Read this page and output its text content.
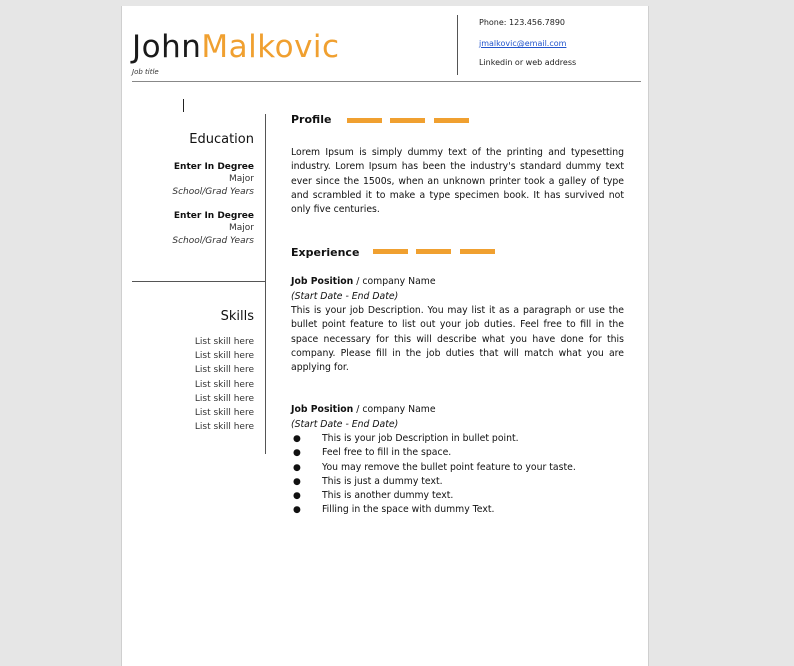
JohnMalkovic
Job title
Phone: 123.456.7890
jmalkovic@email.com
Linkedin or web address
Education
Enter In Degree
Major
School/Grad Years
Enter In Degree
Major
School/Grad Years
Skills
List skill here
List skill here
List skill here
List skill here
List skill here
List skill here
List skill here
Profile
Lorem Ipsum is simply dummy text of the printing and typesetting industry. Lorem Ipsum has been the industry's standard dummy text ever since the 1500s, when an unknown printer took a galley of type and scrambled it to make a type specimen book. It has survived not only five centuries.
Experience
Job Position / company Name
(Start Date - End Date)
This is your job Description. You may list it as a paragraph or use the bullet point feature to list out your job duties. Feel free to fill in the space necessary for this will describe what you have done for this company. Please fill in the job duties that will match what you are applying for.
Job Position / company Name
(Start Date - End Date)
● This is your job Description in bullet point.
● Feel free to fill in the space.
● You may remove the bullet point feature to your taste.
● This is just a dummy text.
● This is another dummy text.
● Filling in the space with dummy Text.
